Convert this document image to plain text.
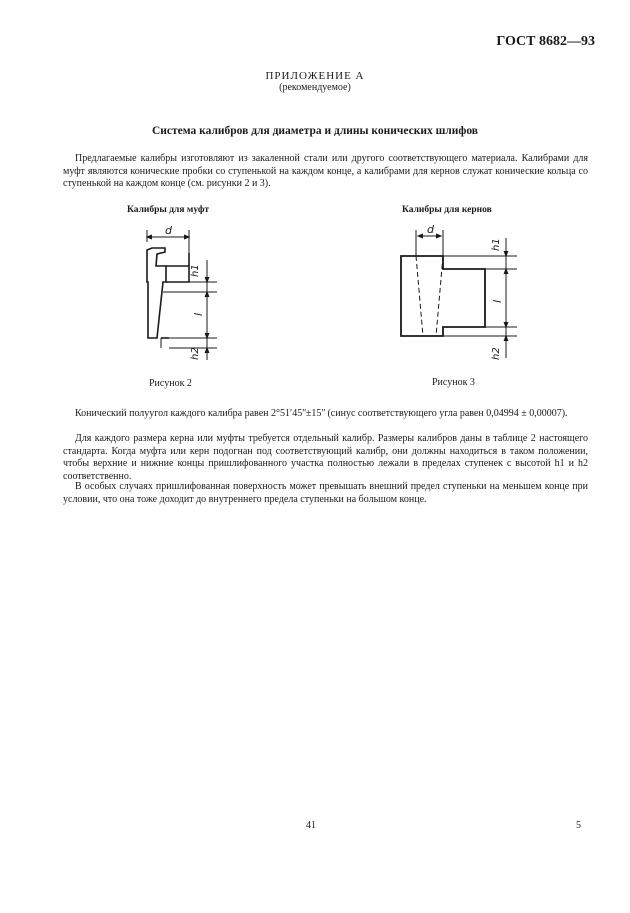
ГОСТ 8682—93
ПРИЛОЖЕНИЕ А
(рекомендуемое)
Система калибров для диаметра и длины конических шлифов
Предлагаемые калибры изготовляют из закаленной стали или другого соответствующего материала. Калибрами для муфт являются конические пробки со ступенькой на каждом конце, а калибрами для кернов служат конические кольца со ступенькой на каждом конце (см. рисунки 2 и 3).
Калибры для муфт	Калибры для кернов
d
h1
l
h2
d
h1
l
h2
Рисунок 2	Рисунок 3
Конический полуугол каждого калибра равен 2°51ʹ45ʺ±15ʺ (синус соответствующего угла равен 0,04994 ± 0,00007).
Для каждого размера керна или муфты требуется отдельный калибр. Размеры калибров даны в таблице 2 настоящего стандарта. Когда муфта или керн подогнан под соответствующий калибр, они должны находиться в таком положении, чтобы верхние и нижние концы пришлифованного участка полностью лежали в пределах ступенек с высотой h1 и h2 соответственно.
В особых случаях пришлифованная поверхность может превышать внешний предел ступеньки на меньшем конце при условии, что она тоже доходит до внутреннего предела ступеньки на большом конце.
41	5
